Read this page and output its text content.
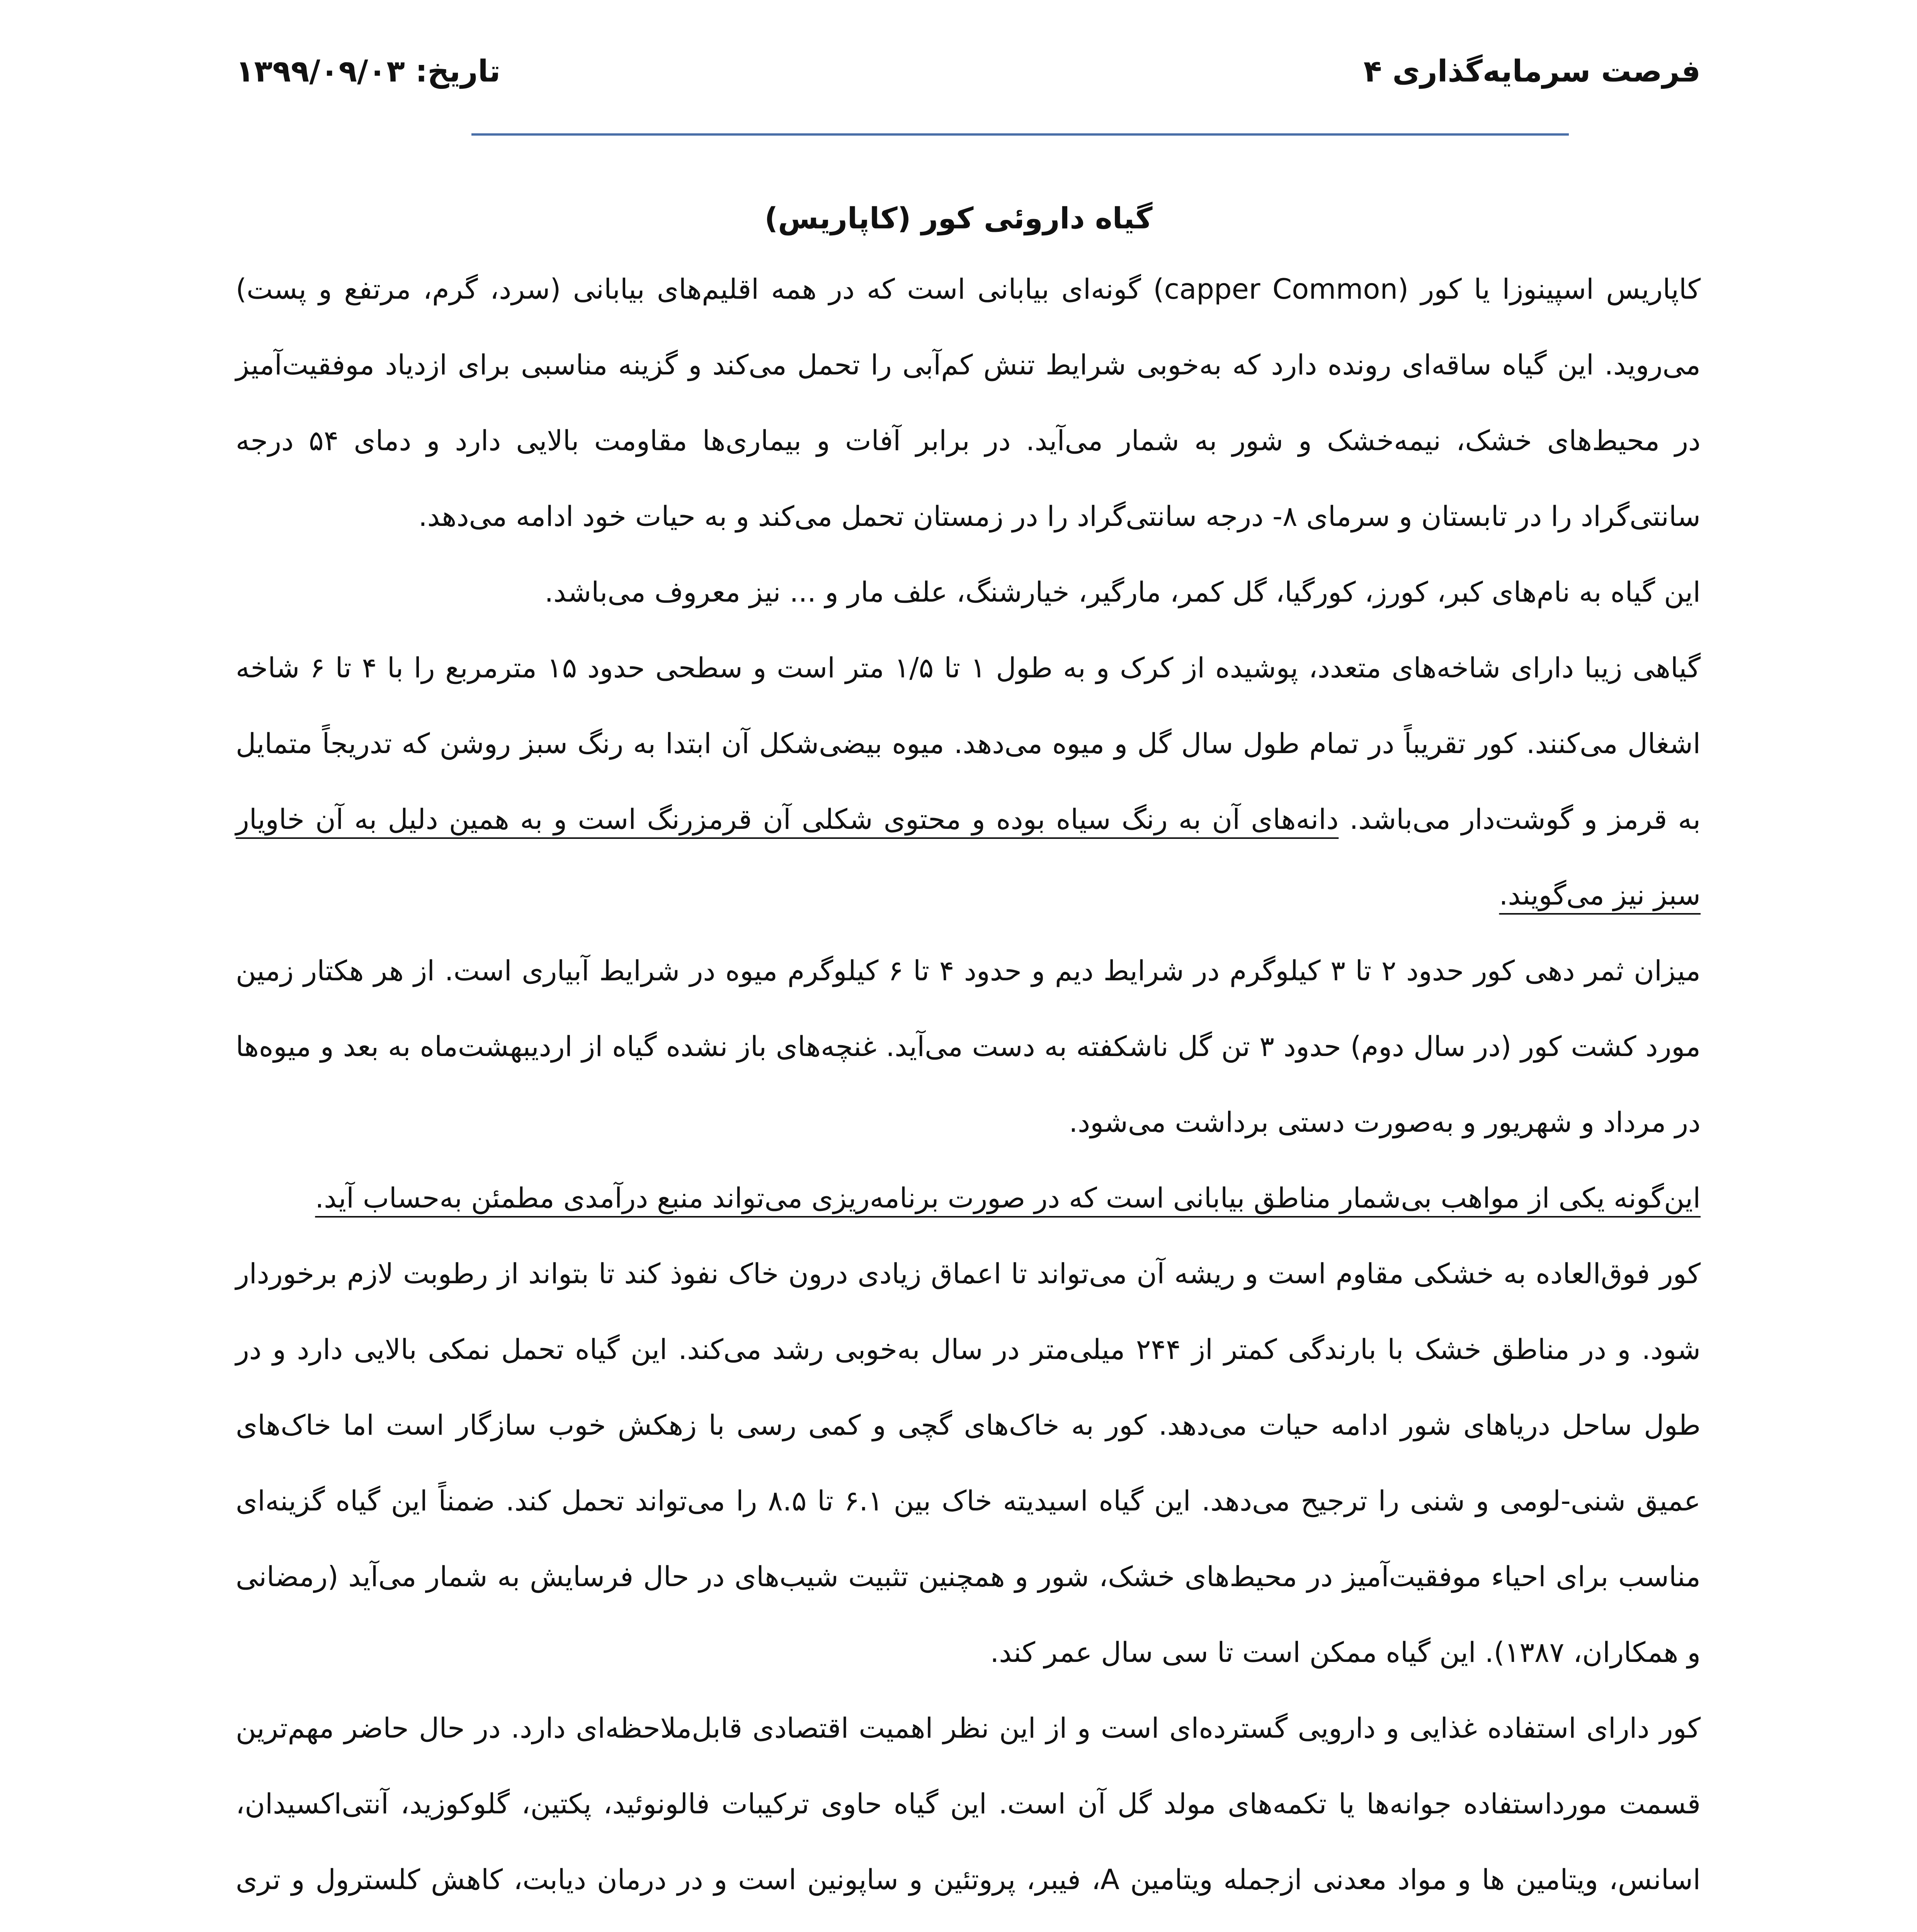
فرصت سرمایه‌گذاری ۴
تاریخ: ۱۳۹۹/۰۹/۰۳
گیاه داروئی کور (کاپاریس)

کاپاریس اسپینوزا یا کور (capper Common) گونه‌ای بیابانی است که در همه اقلیم‌های بیابانی (سرد، گرم، مرتفع و پست) می‌روید. این گیاه ساقه‌ای رونده دارد که به‌خوبی شرایط تنش کم‌آبی را تحمل می‌کند و گزینه مناسبی برای ازدیاد موفقیت‌آمیز در محیط‌های خشک، نیمه‌خشک و شور به شمار می‌آید. در برابر آفات و بیماری‌ها مقاومت بالایی دارد و دمای ۵۴ درجه سانتی‌گراد را در تابستان و سرمای ۸- درجه سانتی‌گراد را در زمستان تحمل می‌کند و به حیات خود ادامه می‌دهد.

این گیاه به نام‌های کبر، کورز، کورگیا، گل کمر، مارگیر، خیارشنگ، علف مار و ... نیز معروف می‌باشد.

گیاهی زیبا دارای شاخه‌های متعدد، پوشیده از کرک و به طول ۱ تا ۱/۵ متر است و سطحی حدود ۱۵ مترمربع را با ۴ تا ۶ شاخه اشغال می‌کنند. کور تقریباً در تمام طول سال گل و میوه می‌دهد. میوه بیضی‌شکل آن ابتدا به رنگ سبز روشن که تدریجاً متمایل به قرمز و گوشت‌دار می‌باشد. دانه‌های آن به رنگ سیاه بوده و محتوی شکلی آن قرمزرنگ است و به همین دلیل به آن خاویار سبز نیز می‌گویند.

میزان ثمر دهی کور حدود ۲ تا ۳ کیلوگرم در شرایط دیم و حدود ۴ تا ۶ کیلوگرم میوه در شرایط آبیاری است. از هر هکتار زمین مورد کشت کور (در سال دوم) حدود ۳ تن گل ناشکفته به دست می‌آید. غنچه‌های باز نشده گیاه از اردیبهشت‌ماه به بعد و میوه‌ها در مرداد و شهریور و به‌صورت دستی برداشت می‌شود.

این‌گونه یکی از مواهب بی‌شمار مناطق بیابانی است که در صورت برنامه‌ریزی می‌تواند منبع درآمدی مطمئن به‌حساب آید.

کور فوق‌العاده به خشکی مقاوم است و ریشه آن می‌تواند تا اعماق زیادی درون خاک نفوذ کند تا بتواند از رطوبت لازم برخوردار شود. و در مناطق خشک با بارندگی کمتر از ۲۴۴ میلی‌متر در سال به‌خوبی رشد می‌کند. این گیاه تحمل نمکی بالایی دارد و در طول ساحل دریاهای شور ادامه حیات می‌دهد. کور به خاک‌های گچی و کمی رسی با زهکش خوب سازگار است اما خاک‌های عمیق شنی-لومی و شنی را ترجیح می‌دهد. این گیاه اسیدیته خاک بین ۶.۱ تا ۸.۵ را می‌تواند تحمل کند. ضمناً این گیاه گزینه‌ای مناسب برای احیاء موفقیت‌آمیز در محیط‌های خشک، شور و همچنین تثبیت شیب‌های در حال فرسایش به شمار می‌آید (رمضانی و همکاران، ۱۳۸۷). این گیاه ممکن است تا سی سال عمر کند.

کور دارای استفاده غذایی و دارویی گسترده‌ای است و از این نظر اهمیت اقتصادی قابل‌ملاحظه‌ای دارد. در حال حاضر مهم‌ترین قسمت مورداستفاده جوانه‌ها یا تکمه‌های مولد گل آن است. این گیاه حاوی ترکیبات فالونوئید، پکتین، گلوکوزید، آنتی‌اکسیدان، اسانس، ویتامین ها و مواد معدنی ازجمله ویتامین A، فیبر، پروتئین و ساپونین است و در درمان دیابت، کاهش کلسترول و تری
